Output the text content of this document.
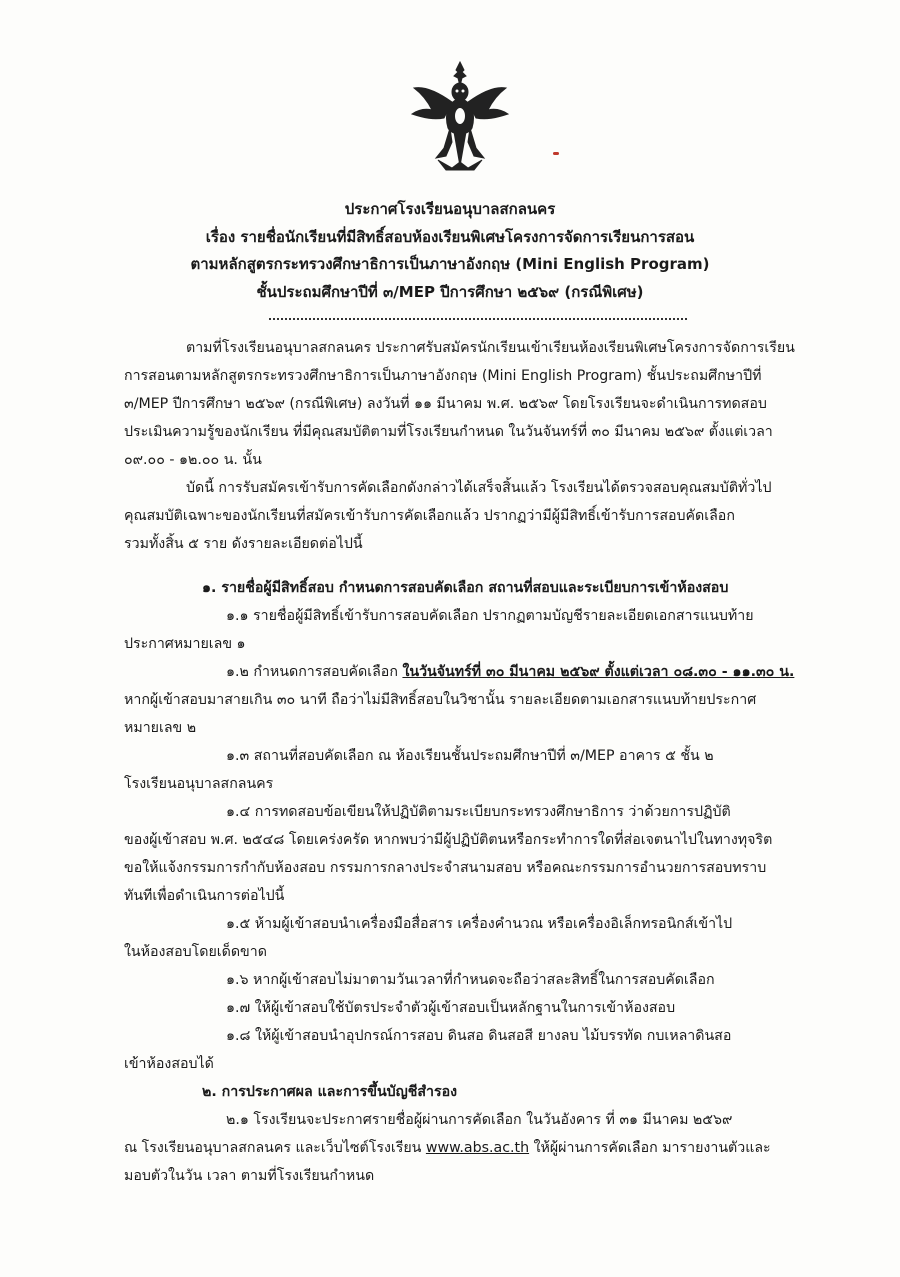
ประกาศโรงเรียนอนุบาลสกลนคร
เรื่อง รายชื่อนักเรียนที่มีสิทธิ์สอบห้องเรียนพิเศษโครงการจัดการเรียนการสอน
ตามหลักสูตรกระทรวงศึกษาธิการเป็นภาษาอังกฤษ (Mini English Program)
ชั้นประถมศึกษาปีที่ ๓/MEP ปีการศึกษา ๒๕๖๙ (กรณีพิเศษ)
ตามที่โรงเรียนอนุบาลสกลนคร ประกาศรับสมัครนักเรียนเข้าเรียนห้องเรียนพิเศษโครงการจัดการเรียน
การสอนตามหลักสูตรกระทรวงศึกษาธิการเป็นภาษาอังกฤษ (Mini English Program) ชั้นประถมศึกษาปีที่
๓/MEP ปีการศึกษา ๒๕๖๙ (กรณีพิเศษ) ลงวันที่ ๑๑ มีนาคม พ.ศ. ๒๕๖๙ โดยโรงเรียนจะดำเนินการทดสอบ
ประเมินความรู้ของนักเรียน ที่มีคุณสมบัติตามที่โรงเรียนกำหนด ในวันจันทร์ที่ ๓๐ มีนาคม ๒๕๖๙ ตั้งแต่เวลา
๐๙.๐๐ - ๑๒.๐๐ น. นั้น
บัดนี้ การรับสมัครเข้ารับการคัดเลือกดังกล่าวได้เสร็จสิ้นแล้ว โรงเรียนได้ตรวจสอบคุณสมบัติทั่วไป
คุณสมบัติเฉพาะของนักเรียนที่สมัครเข้ารับการคัดเลือกแล้ว ปรากฏว่ามีผู้มีสิทธิ์เข้ารับการสอบคัดเลือก
รวมทั้งสิ้น ๕ ราย ดังรายละเอียดต่อไปนี้
๑. รายชื่อผู้มีสิทธิ์สอบ กำหนดการสอบคัดเลือก สถานที่สอบและระเบียบการเข้าห้องสอบ
๑.๑ รายชื่อผู้มีสิทธิ์เข้ารับการสอบคัดเลือก ปรากฏตามบัญชีรายละเอียดเอกสารแนบท้าย
ประกาศหมายเลข ๑
๑.๒ กำหนดการสอบคัดเลือก ในวันจันทร์ที่ ๓๐ มีนาคม ๒๕๖๙ ตั้งแต่เวลา ๐๘.๓๐ - ๑๑.๓๐ น.
หากผู้เข้าสอบมาสายเกิน ๓๐ นาที ถือว่าไม่มีสิทธิ์สอบในวิชานั้น รายละเอียดตามเอกสารแนบท้ายประกาศ
หมายเลข ๒
๑.๓ สถานที่สอบคัดเลือก ณ ห้องเรียนชั้นประถมศึกษาปีที่ ๓/MEP อาคาร ๕ ชั้น ๒
โรงเรียนอนุบาลสกลนคร
๑.๔ การทดสอบข้อเขียนให้ปฏิบัติตามระเบียบกระทรวงศึกษาธิการ ว่าด้วยการปฏิบัติ
ของผู้เข้าสอบ พ.ศ. ๒๕๔๘ โดยเคร่งครัด หากพบว่ามีผู้ปฏิบัติตนหรือกระทำการใดที่ส่อเจตนาไปในทางทุจริต
ขอให้แจ้งกรรมการกำกับห้องสอบ กรรมการกลางประจำสนามสอบ หรือคณะกรรมการอำนวยการสอบทราบ
ทันทีเพื่อดำเนินการต่อไปนี้
๑.๕ ห้ามผู้เข้าสอบนำเครื่องมือสื่อสาร เครื่องคำนวณ หรือเครื่องอิเล็กทรอนิกส์เข้าไป
ในห้องสอบโดยเด็ดขาด
๑.๖ หากผู้เข้าสอบไม่มาตามวันเวลาที่กำหนดจะถือว่าสละสิทธิ์ในการสอบคัดเลือก
๑.๗ ให้ผู้เข้าสอบใช้บัตรประจำตัวผู้เข้าสอบเป็นหลักฐานในการเข้าห้องสอบ
๑.๘ ให้ผู้เข้าสอบนำอุปกรณ์การสอบ ดินสอ ดินสอสี ยางลบ ไม้บรรทัด กบเหลาดินสอ
เข้าห้องสอบได้
๒. การประกาศผล และการขึ้นบัญชีสำรอง
๒.๑ โรงเรียนจะประกาศรายชื่อผู้ผ่านการคัดเลือก ในวันอังคาร ที่ ๓๑ มีนาคม ๒๕๖๙
ณ โรงเรียนอนุบาลสกลนคร และเว็บไซต์โรงเรียน www.abs.ac.th ให้ผู้ผ่านการคัดเลือก มารายงานตัวและ
มอบตัวในวัน เวลา ตามที่โรงเรียนกำหนด
